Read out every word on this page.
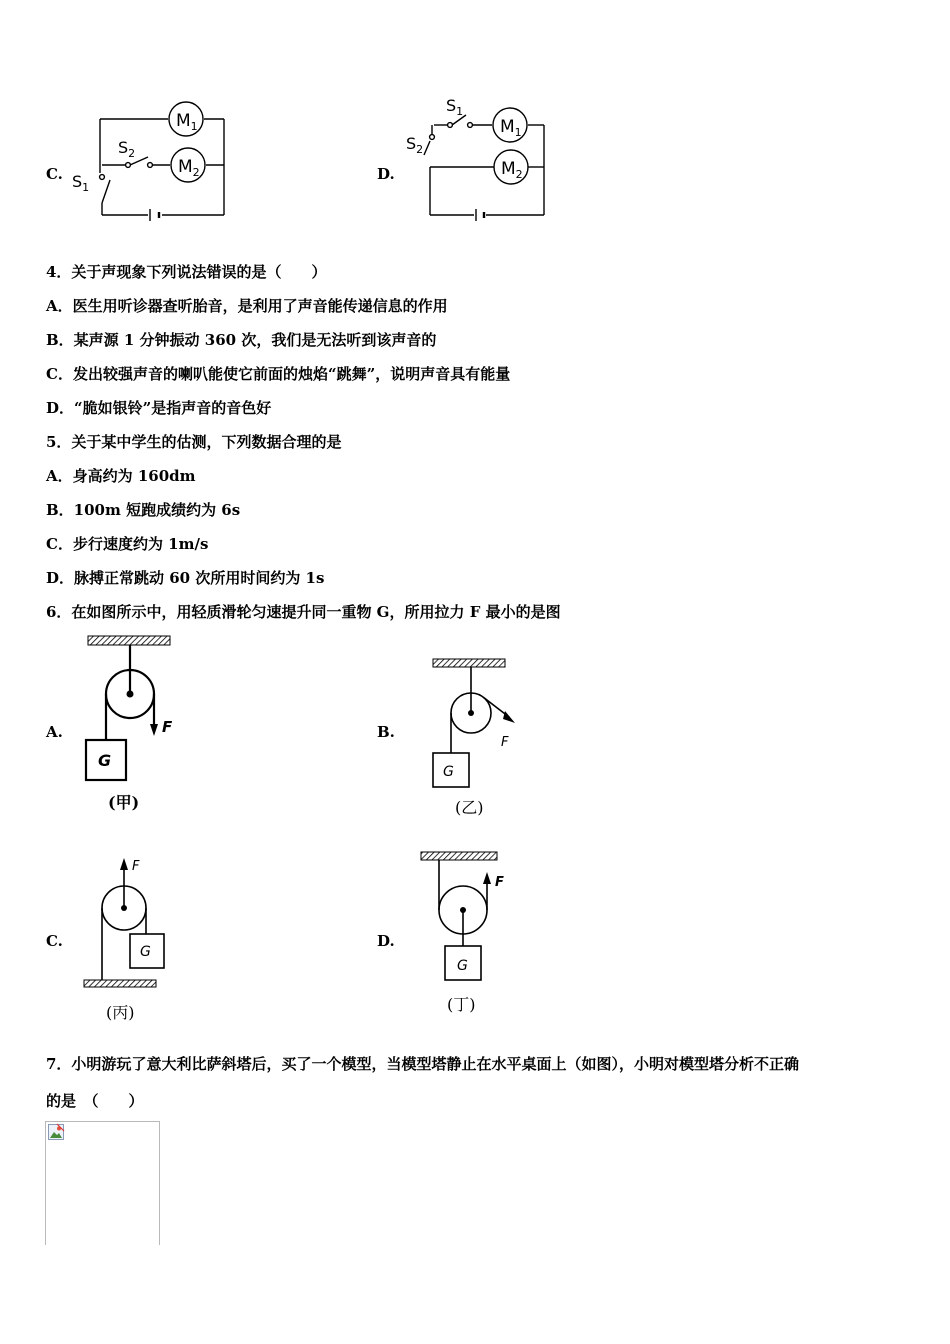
C.
$M_1$
$M_2$
$S_1$
$S_2$
D.
$M_1$
$M_2$
$S_1$
$S_2$
4．关于声现象下列说法错误的是（　　）
A．医生用听诊器查听胎音，是利用了声音能传递信息的作用
B．某声源 1 分钟振动 360 次，我们是无法听到该声音的
C．发出较强声音的喇叭能使它前面的烛焰“跳舞”，说明声音具有能量
D．“脆如银铃”是指声音的音色好
5．关于某中学生的估测，下列数据合理的是
A．身高约为 160dm
B．100m 短跑成绩约为 6s
C．步行速度约为 1m/s
D．脉搏正常跳动 60 次所用时间约为 1s
6．在如图所示中，用轻质滑轮匀速提升同一重物 G，所用拉力 F 最小的是图
A.	F
G
(甲)
B.
F
G
(乙)
C.
F
G
(丙)
D.
F
G
(丁)
7．小明游玩了意大利比萨斜塔后，买了一个模型，当模型塔静止在水平桌面上（如图），小明对模型塔分析不正确
的是　（　　）
